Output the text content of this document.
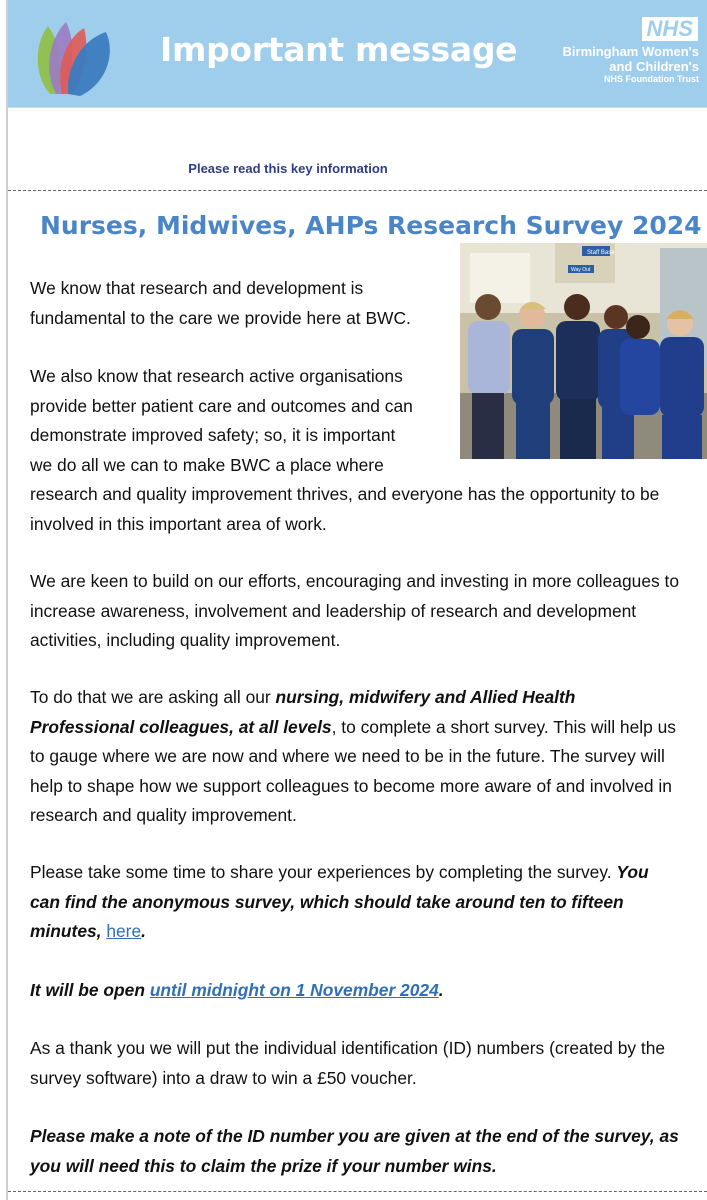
Important message
NHS
Birmingham Women's
and Children's
NHS Foundation Trust
Please read this key information
Nurses, Midwives, AHPs Research Survey 2024
Staff Base
Way Out

We know that research and development is
fundamental to the care we provide here at BWC.

We also know that research active organisations
provide better patient care and outcomes and can
demonstrate improved safety; so, it is important
we do all we can to make BWC a place where
research and quality improvement thrives, and everyone has the opportunity to be
involved in this important area of work.

We are keen to build on our efforts, encouraging and investing in more colleagues to
increase awareness, involvement and leadership of research and development
activities, including quality improvement.

To do that we are asking all our nursing, midwifery and Allied Health
Professional colleagues, at all levels, to complete a short survey. This will help us
to gauge where we are now and where we need to be in the future. The survey will
help to shape how we support colleagues to become more aware of and involved in
research and quality improvement.

Please take some time to share your experiences by completing the survey. You
can find the anonymous survey, which should take around ten to fifteen
minutes, here.

It will be open until midnight on 1 November 2024.

As a thank you we will put the individual identification (ID) numbers (created by the
survey software) into a draw to win a £50 voucher.

Please make a note of the ID number you are given at the end of the survey, as
you will need this to claim the prize if your number wins.
